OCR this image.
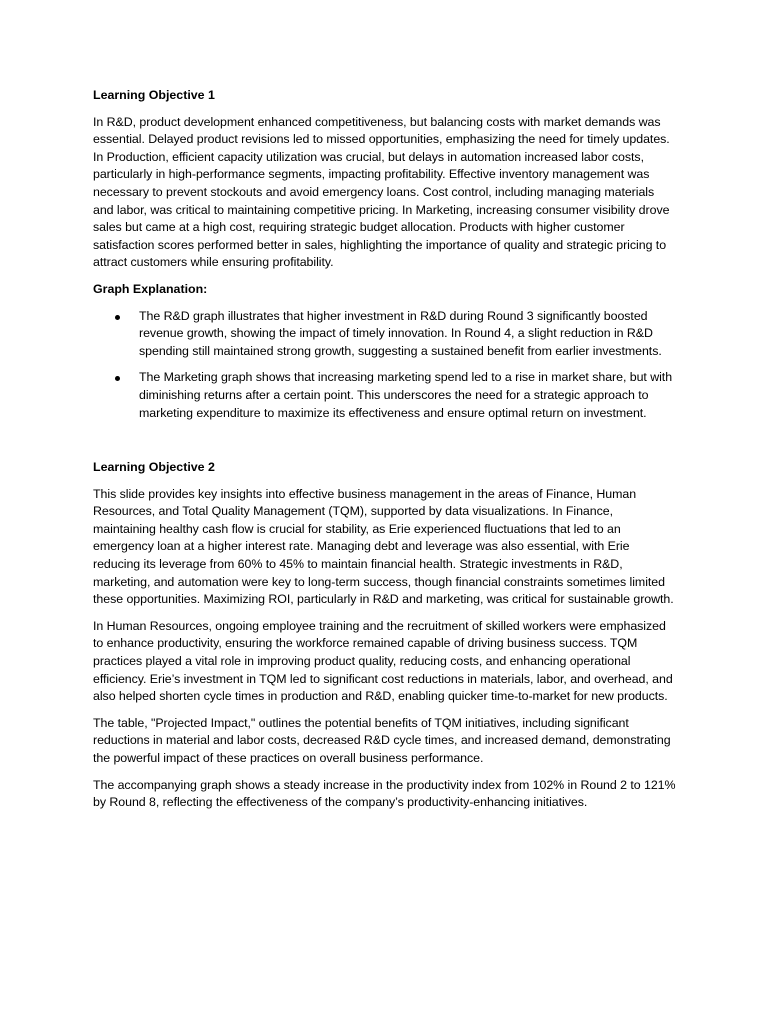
Learning Objective 1
In R&D, product development enhanced competitiveness, but balancing costs with market demands was essential. Delayed product revisions led to missed opportunities, emphasizing the need for timely updates. In Production, efficient capacity utilization was crucial, but delays in automation increased labor costs, particularly in high-performance segments, impacting profitability. Effective inventory management was necessary to prevent stockouts and avoid emergency loans. Cost control, including managing materials and labor, was critical to maintaining competitive pricing. In Marketing, increasing consumer visibility drove sales but came at a high cost, requiring strategic budget allocation. Products with higher customer satisfaction scores performed better in sales, highlighting the importance of quality and strategic pricing to attract customers while ensuring profitability.
Graph Explanation:
The R&D graph illustrates that higher investment in R&D during Round 3 significantly boosted revenue growth, showing the impact of timely innovation. In Round 4, a slight reduction in R&D spending still maintained strong growth, suggesting a sustained benefit from earlier investments.
The Marketing graph shows that increasing marketing spend led to a rise in market share, but with diminishing returns after a certain point. This underscores the need for a strategic approach to marketing expenditure to maximize its effectiveness and ensure optimal return on investment.
Learning Objective 2
This slide provides key insights into effective business management in the areas of Finance, Human Resources, and Total Quality Management (TQM), supported by data visualizations. In Finance, maintaining healthy cash flow is crucial for stability, as Erie experienced fluctuations that led to an emergency loan at a higher interest rate. Managing debt and leverage was also essential, with Erie reducing its leverage from 60% to 45% to maintain financial health. Strategic investments in R&D, marketing, and automation were key to long-term success, though financial constraints sometimes limited these opportunities. Maximizing ROI, particularly in R&D and marketing, was critical for sustainable growth.
In Human Resources, ongoing employee training and the recruitment of skilled workers were emphasized to enhance productivity, ensuring the workforce remained capable of driving business success. TQM practices played a vital role in improving product quality, reducing costs, and enhancing operational efficiency. Erie’s investment in TQM led to significant cost reductions in materials, labor, and overhead, and also helped shorten cycle times in production and R&D, enabling quicker time-to-market for new products.
The table, "Projected Impact," outlines the potential benefits of TQM initiatives, including significant reductions in material and labor costs, decreased R&D cycle times, and increased demand, demonstrating the powerful impact of these practices on overall business performance.
The accompanying graph shows a steady increase in the productivity index from 102% in Round 2 to 121% by Round 8, reflecting the effectiveness of the company’s productivity-enhancing initiatives.
